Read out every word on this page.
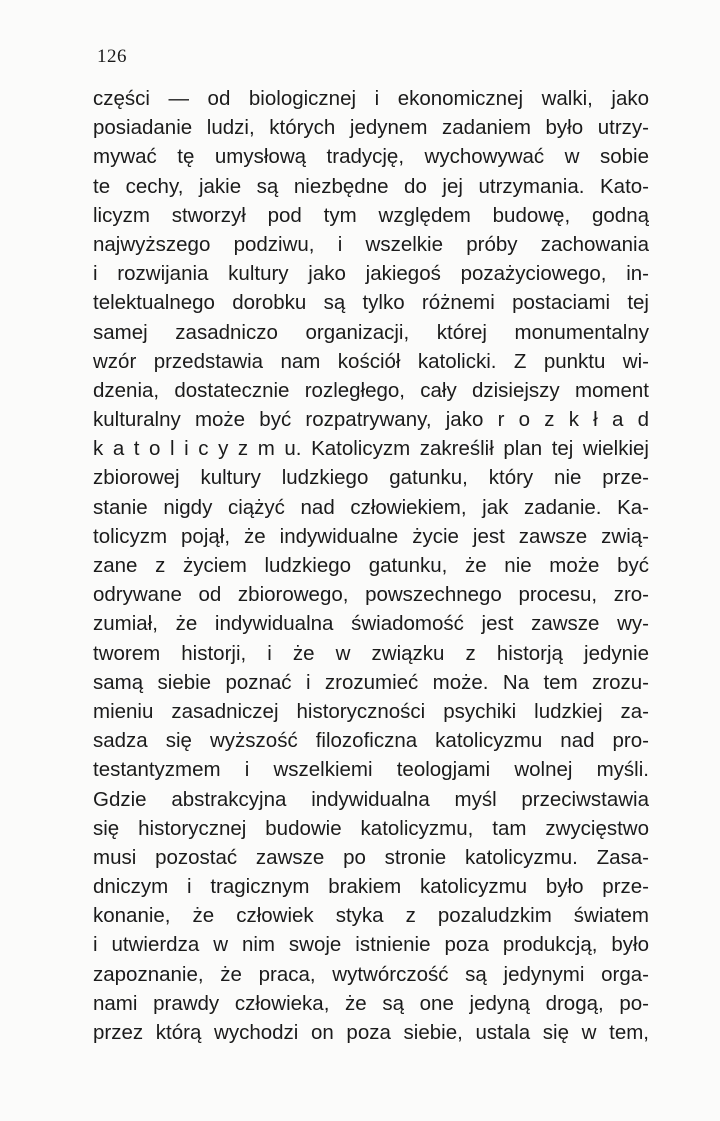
126
części — od biologicznej i ekonomicznej walki, jako
posiadanie ludzi, których jedynem zadaniem było utrzy-
mywać tę umysłową tradycję, wychowywać w sobie
te cechy, jakie są niezbędne do jej utrzymania. Kato-
licyzm stworzył pod tym względem budowę, godną
najwyższego podziwu, i wszelkie próby zachowania
i rozwijania kultury jako jakiegoś pozażyciowego, in-
telektualnego dorobku są tylko różnemi postaciami tej
samej zasadniczo organizacji, której monumentalny
wzór przedstawia nam kościół katolicki. Z punktu wi-
dzenia, dostatecznie rozległego, cały dzisiejszy moment
kulturalny może być rozpatrywany, jako r o z k ł a d
k a t o l i c y z m u. Katolicyzm zakreślił plan tej wielkiej
zbiorowej kultury ludzkiego gatunku, który nie prze-
stanie nigdy ciążyć nad człowiekiem, jak zadanie. Ka-
tolicyzm pojął, że indywidualne życie jest zawsze zwią-
zane z życiem ludzkiego gatunku, że nie może być
odrywane od zbiorowego, powszechnego procesu, zro-
zumiał, że indywidualna świadomość jest zawsze wy-
tworem historji, i że w związku z historją jedynie
samą siebie poznać i zrozumieć może. Na tem zrozu-
mieniu zasadniczej historyczności psychiki ludzkiej za-
sadza się wyższość filozoficzna katolicyzmu nad pro-
testantyzmem i wszelkiemi teologjami wolnej myśli.
Gdzie abstrakcyjna indywidualna myśl przeciwstawia
się historycznej budowie katolicyzmu, tam zwycięstwo
musi pozostać zawsze po stronie katolicyzmu. Zasa-
dniczym i tragicznym brakiem katolicyzmu było prze-
konanie, że człowiek styka z pozaludzkim światem
i utwierdza w nim swoje istnienie poza produkcją, było
zapoznanie, że praca, wytwórczość są jedynymi orga-
nami prawdy człowieka, że są one jedyną drogą, po-
przez którą wychodzi on poza siebie, ustala się w tem,
